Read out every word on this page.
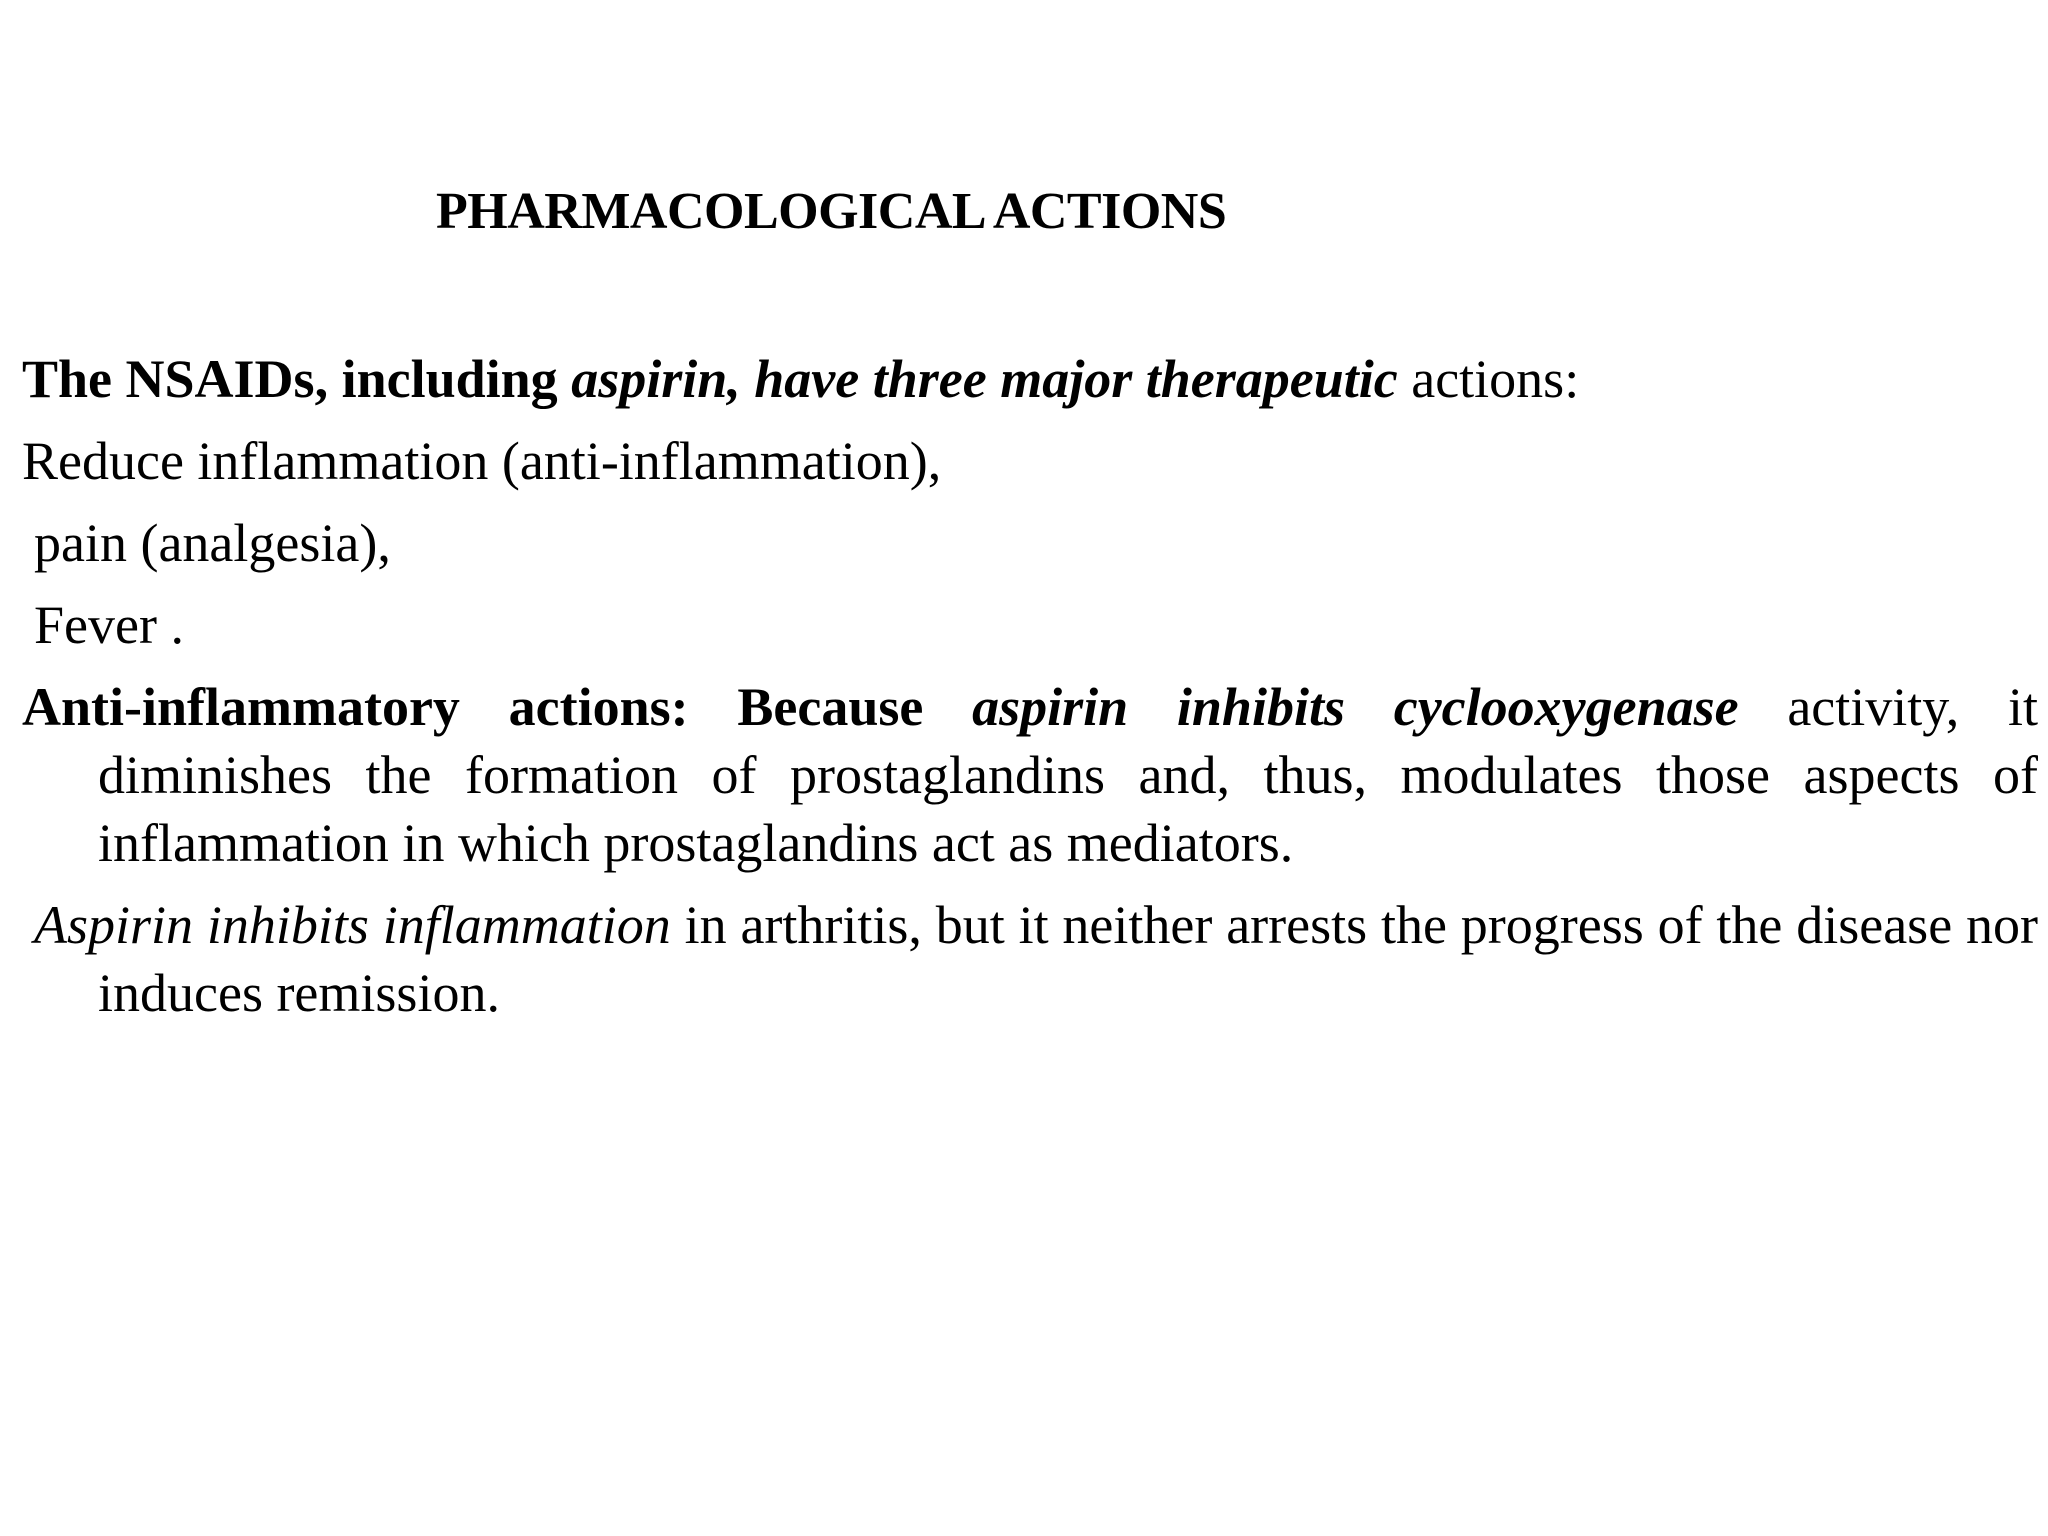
PHARMACOLOGICAL ACTIONS
The NSAIDs, including aspirin, have three major therapeutic actions:
Reduce inflammation (anti-inflammation),
pain (analgesia),
Fever .
Anti-inflammatory actions: Because aspirin inhibits cyclooxygenase activity, it diminishes the formation of prostaglandins and, thus, modulates those aspects of inflammation in which prostaglandins act as mediators.
Aspirin inhibits inflammation in arthritis, but it neither arrests the progress of the disease nor induces remission.
